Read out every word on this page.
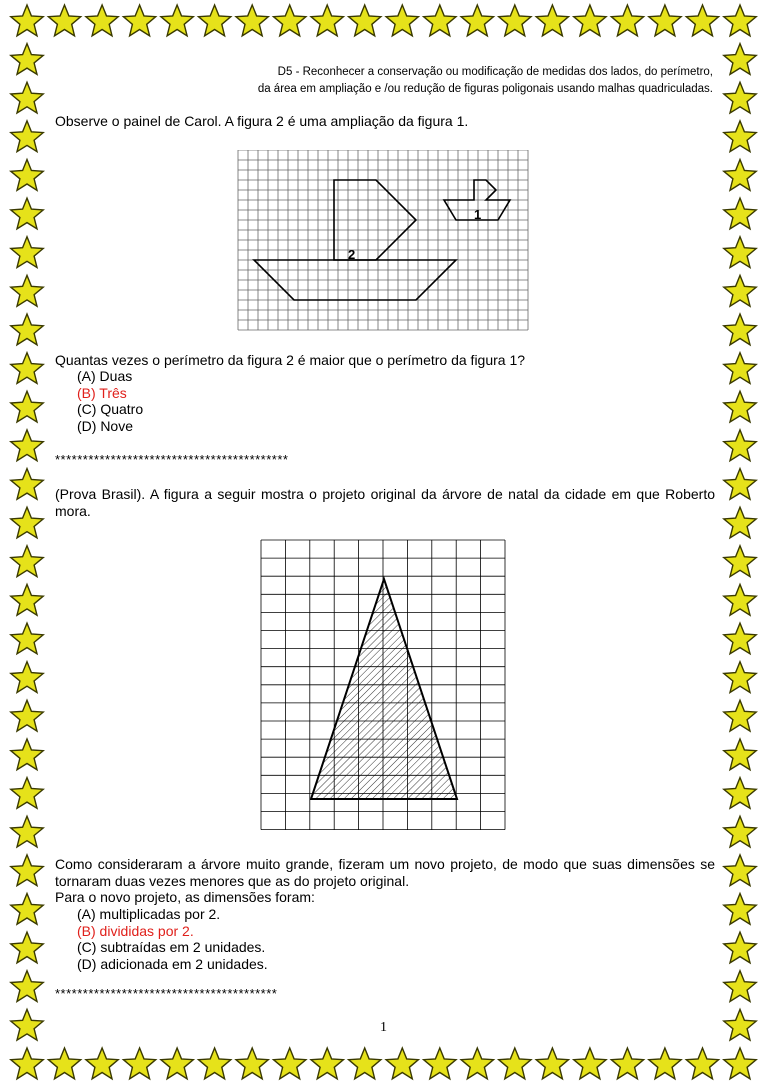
D5 - Reconhecer a conservação ou modificação de medidas dos lados, do perímetro,
da área em ampliação e /ou redução de figuras poligonais usando malhas quadriculadas.
Observe o painel de Carol. A figura 2 é uma ampliação da figura 1.
2
1
Quantas vezes o perímetro da figura 2 é maior que o perímetro da figura 1?
(A) Duas
(B) Três
(C) Quatro
(D) Nove
******************************************
(Prova Brasil). A figura a seguir mostra o projeto original da árvore de natal da cidade em que Roberto mora.
Como consideraram a árvore muito grande, fizeram um novo projeto, de modo que suas dimensões se tornaram duas vezes menores que as do projeto original.
Para o novo projeto, as dimensões foram:
(A) multiplicadas por 2.
(B) divididas por 2.
(C) subtraídas em 2 unidades.
(D) adicionada em 2 unidades.
****************************************
1
